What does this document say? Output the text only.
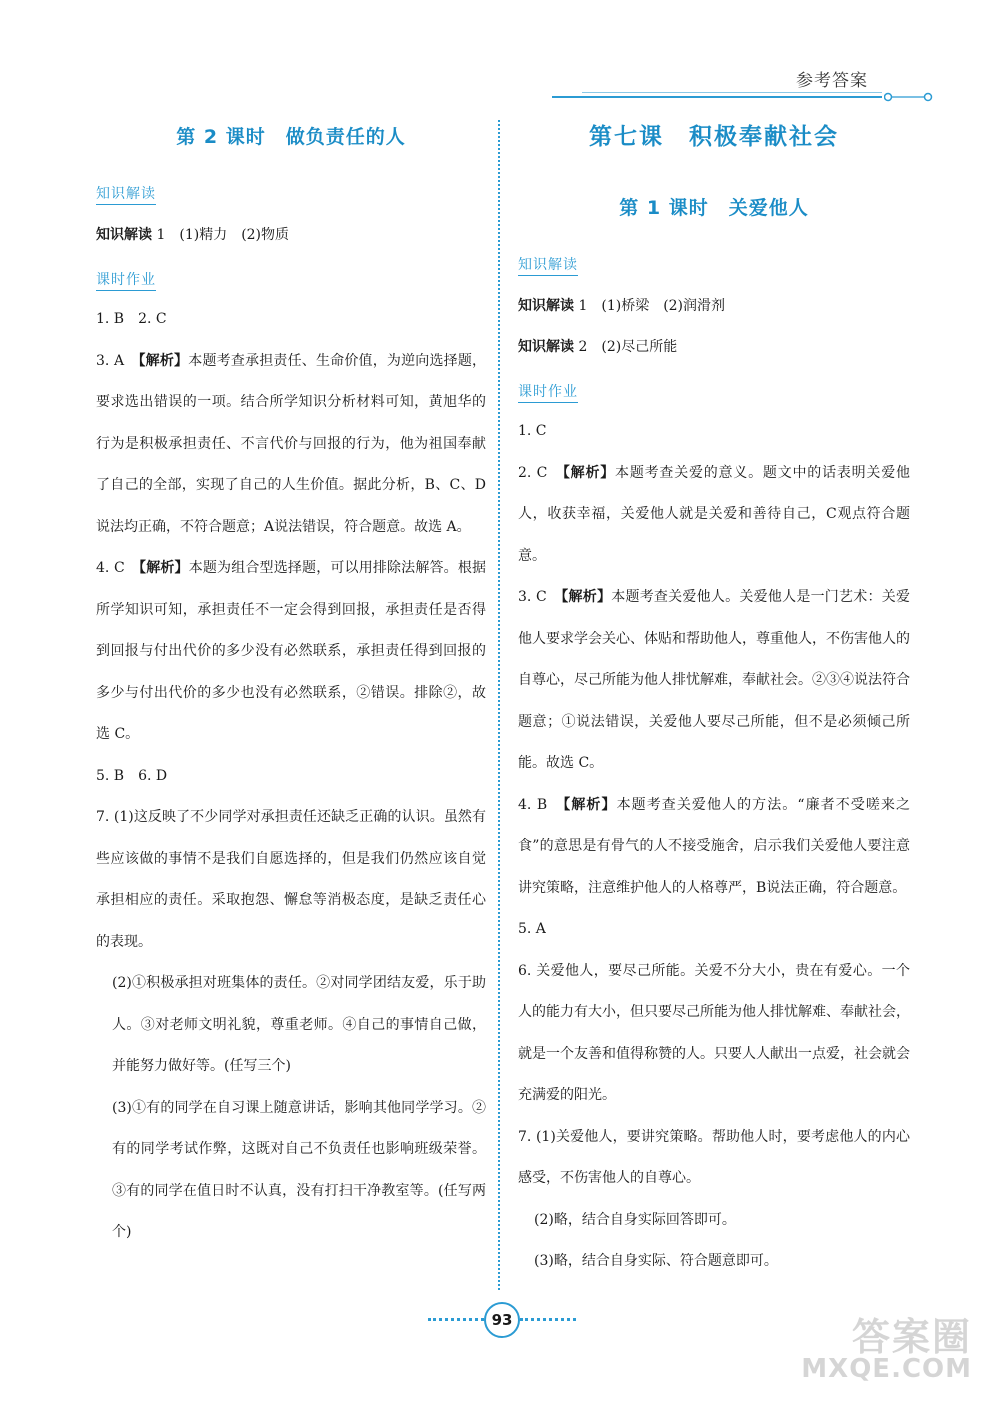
参考答案
第 2 课时　做负责任的人
知识解读
知识解读 1　(1)精力　(2)物质
课时作业

1. B　2. C

3. A　【解析】本题考查承担责任、生命价值，为逆向选择题，要求选出错误的一项。结合所学知识分析材料可知，黄旭华的行为是积极承担责任、不言代价与回报的行为，他为祖国奉献了自己的全部，实现了自己的人生价值。据此分析，B、C、D说法均正确，不符合题意；A说法错误，符合题意。故选 A。

4. C　【解析】本题为组合型选择题，可以用排除法解答。根据所学知识可知，承担责任不一定会得到回报，承担责任是否得到回报与付出代价的多少没有必然联系，承担责任得到回报的多少与付出代价的多少也没有必然联系，②错误。排除②，故选 C。

5. B　6. D

7. (1)这反映了不少同学对承担责任还缺乏正确的认识。虽然有些应该做的事情不是我们自愿选择的，但是我们仍然应该自觉承担相应的责任。采取抱怨、懈怠等消极态度，是缺乏责任心的表现。

(2)①积极承担对班集体的责任。②对同学团结友爱，乐于助人。③对老师文明礼貌，尊重老师。④自己的事情自己做，并能努力做好等。(任写三个)

(3)①有的同学在自习课上随意讲话，影响其他同学学习。②有的同学考试作弊，这既对自己不负责任也影响班级荣誉。③有的同学在值日时不认真，没有打扫干净教室等。(任写两个)

第七课　积极奉献社会
第 1 课时　关爱他人
知识解读
知识解读 1　(1)桥梁　(2)润滑剂
知识解读 2　(2)尽己所能
课时作业

1. C

2. C　【解析】本题考查关爱的意义。题文中的话表明关爱他人，收获幸福，关爱他人就是关爱和善待自己，C观点符合题意。

3. C　【解析】本题考查关爱他人。关爱他人是一门艺术：关爱他人要求学会关心、体贴和帮助他人，尊重他人，不伤害他人的自尊心，尽己所能为他人排忧解难，奉献社会。②③④说法符合题意；①说法错误，关爱他人要尽己所能，但不是必须倾己所能。故选 C。

4. B　【解析】本题考查关爱他人的方法。“廉者不受嗟来之食”的意思是有骨气的人不接受施舍，启示我们关爱他人要注意讲究策略，注意维护他人的人格尊严，B说法正确，符合题意。

5. A

6. 关爱他人，要尽己所能。关爱不分大小，贵在有爱心。一个人的能力有大小，但只要尽己所能为他人排忧解难、奉献社会，就是一个友善和值得称赞的人。只要人人献出一点爱，社会就会充满爱的阳光。

7. (1)关爱他人，要讲究策略。帮助他人时，要考虑他人的内心感受，不伤害他人的自尊心。

(2)略，结合自身实际回答即可。

(3)略，结合自身实际、符合题意即可。

93	答案圈
MXQE.COM
